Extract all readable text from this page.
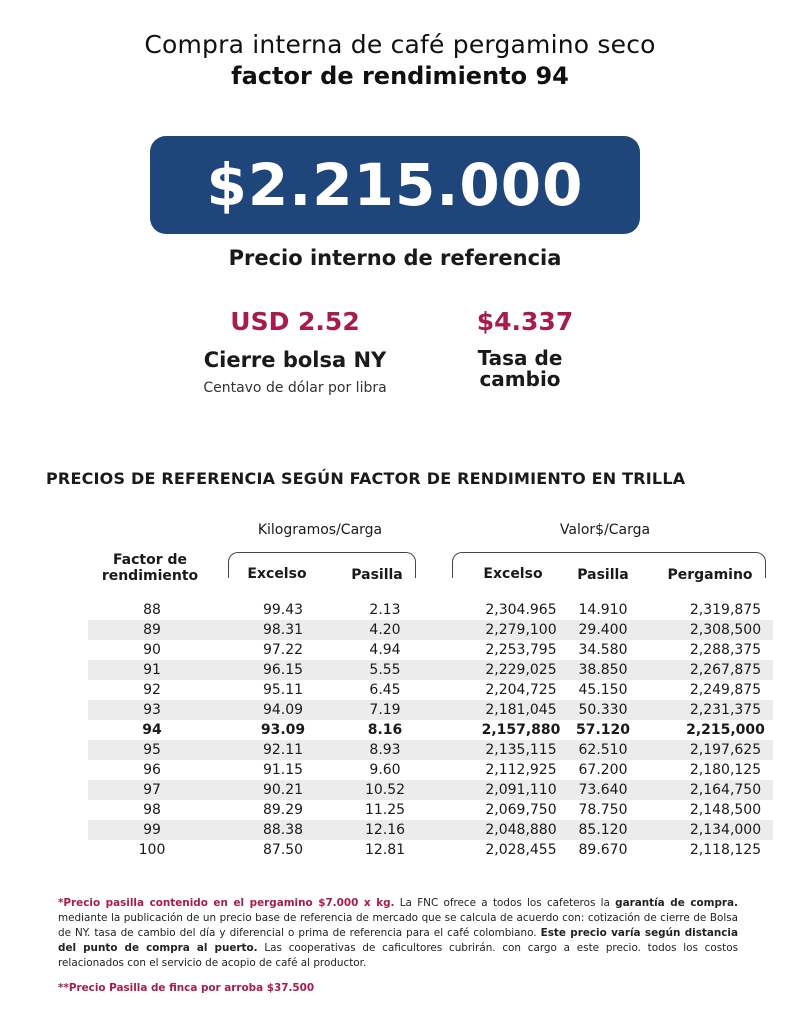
Compra interna de café pergamino seco
factor de rendimiento 94
$2.215.000
Precio interno de referencia
USD 2.52
Cierre bolsa NY
Centavo de dólar por libra
$4.337
Tasa de
cambio
PRECIOS DE REFERENCIA SEGÚN FACTOR DE RENDIMIENTO EN TRILLA
Kilogramos/Carga	Valor$/Carga
Factor de
rendimiento	Excelso	Pasilla	Excelso	Pasilla	Pergamino
88	99.43	2.13	2,304.965	14.910	2,319,875
89	98.31	4.20	2,279,100	29.400	2,308,500
90	97.22	4.94	2,253,795	34.580	2,288,375
91	96.15	5.55	2,229,025	38.850	2,267,875
92	95.11	6.45	2,204,725	45.150	2,249,875
93	94.09	7.19	2,181,045	50.330	2,231,375
94	93.09	8.16	2,157,880	57.120	2,215,000
95	92.11	8.93	2,135,115	62.510	2,197,625
96	91.15	9.60	2,112,925	67.200	2,180,125
97	90.21	10.52	2,091,110	73.640	2,164,750
98	89.29	11.25	2,069,750	78.750	2,148,500
99	88.38	12.16	2,048,880	85.120	2,134,000
100	87.50	12.81	2,028,455	89.670	2,118,125
*Precio pasilla contenido en el pergamino $7.000 x kg. La FNC ofrece a todos los cafeteros la garantía de compra. mediante la publicación de un precio base de referencia de mercado que se calcula de acuerdo con: cotización de cierre de Bolsa de NY. tasa de cambio del día y diferencial o prima de referencia para el café colombiano. Este precio varía según distancia del punto de compra al puerto. Las cooperativas de caficultores cubrirán. con cargo a este precio. todos los costos relacionados con el servicio de acopio de café al productor.
**Precio Pasilla de finca por arroba $37.500
